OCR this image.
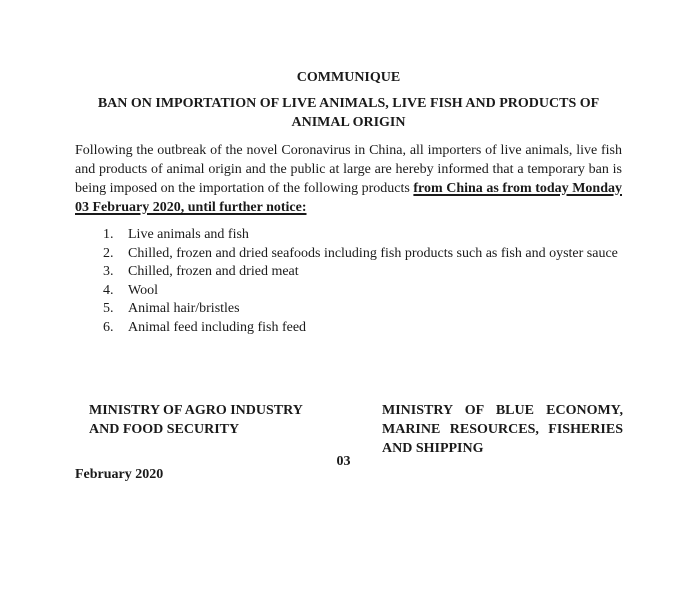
COMMUNIQUE
BAN ON IMPORTATION OF LIVE ANIMALS, LIVE FISH AND PRODUCTS OF ANIMAL ORIGIN

Following the outbreak of the novel Coronavirus in China, all importers of live animals, live fish and products of animal origin and the public at large are hereby informed that a temporary ban is being imposed on the importation of the following products from China as from today Monday 03 February 2020, until further notice:

1.	Live animals and fish
2.	Chilled, frozen and dried seafoods including fish products such as fish and oyster sauce
3.	Chilled, frozen and dried meat
4.	Wool
5.	Animal hair/bristles
6.	Animal feed including fish feed
MINISTRY OF AGRO INDUSTRY
AND FOOD SECURITY
MINISTRY OF BLUE ECONOMY,
MARINE RESOURCES, FISHERIES
AND SHIPPING
03
February 2020
